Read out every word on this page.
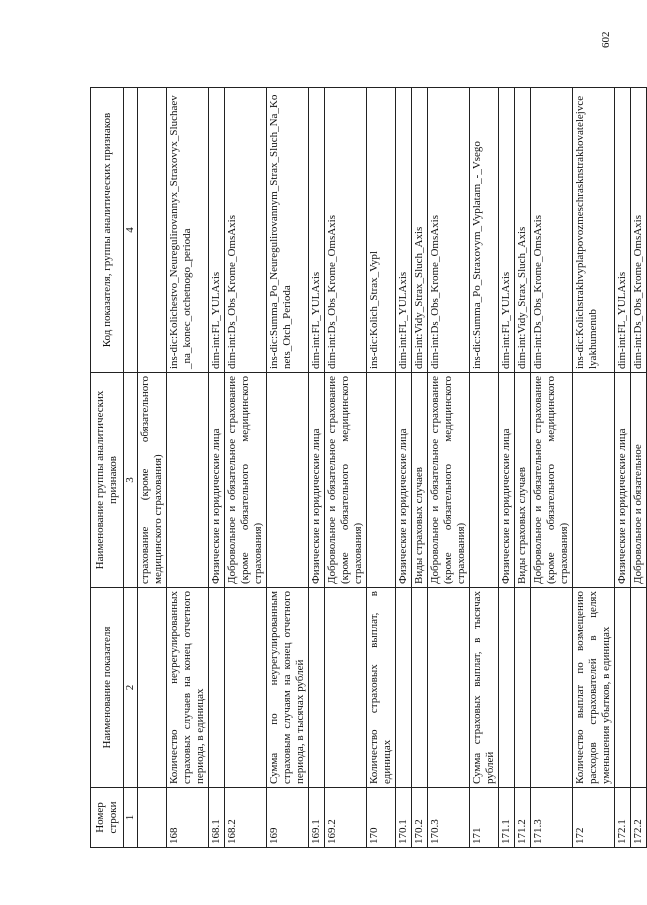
602
Номер строки	Наименование показателя	Наименование группы аналитических признаков	Код показателя, группы аналитических признаков
1	2	3	4
		страхование (кроме обязательного медицинского страхования)	
168	Количество неурегулированных страховых случаев на конец отчетного периода, в единицах		ins-dic:Kolichestvo_Neuregulirovannyx_Straxovyx_Sluchaev_na_konec_otchetnogo_perioda
168.1		Физические и юридические лица	dim-int:FL_YULAxis
168.2		Добровольное и обязательное страхование (кроме обязательного медицинского страхования)	dim-int:Ds_Obs_Krome_OmsAxis
169	Сумма по неурегулированным страховым случаям на конец отчетного периода, в тысячах рублей		ins-dic:Summa_Po_Neuregulirovannym_Strax_Sluch_Na_Konets_Otch_Perioda
169.1		Физические и юридические лица	dim-int:FL_YULAxis
169.2		Добровольное и обязательное страхование (кроме обязательного медицинского страхования)	dim-int:Ds_Obs_Krome_OmsAxis
170	Количество страховых выплат, в единицах		ins-dic:Kolich_Strax_Vypl
170.1		Физические и юридические лица	dim-int:FL_YULAxis
170.2		Виды страховых случаев	dim-int:Vidy_Strax_Sluch_Axis
170.3		Добровольное и обязательное страхование (кроме обязательного медицинского страхования)	dim-int:Ds_Obs_Krome_OmsAxis
171	Сумма страховых выплат, в тысячах рублей		ins-dic:Summa_Po_Straxovym_Vyplatam_-_Vsego
171.1		Физические и юридические лица	dim-int:FL_YULAxis
171.2		Виды страховых случаев	dim-int:Vidy_Strax_Sluch_Axis
171.3		Добровольное и обязательное страхование (кроме обязательного медицинского страхования)	dim-int:Ds_Obs_Krome_OmsAxis
172	Количество выплат по возмещению расходов страхователей в целях уменьшения убытков, в единицах		ins-dic:Kolichstrakhvyplatpovozmeschrasknstrakhovatelejvce lyakhumenub
172.1		Физические и юридические лица	dim-int:FL_YULAxis
172.2		Добровольное и обязательное	dim-int:Ds_Obs_Krome_OmsAxis
